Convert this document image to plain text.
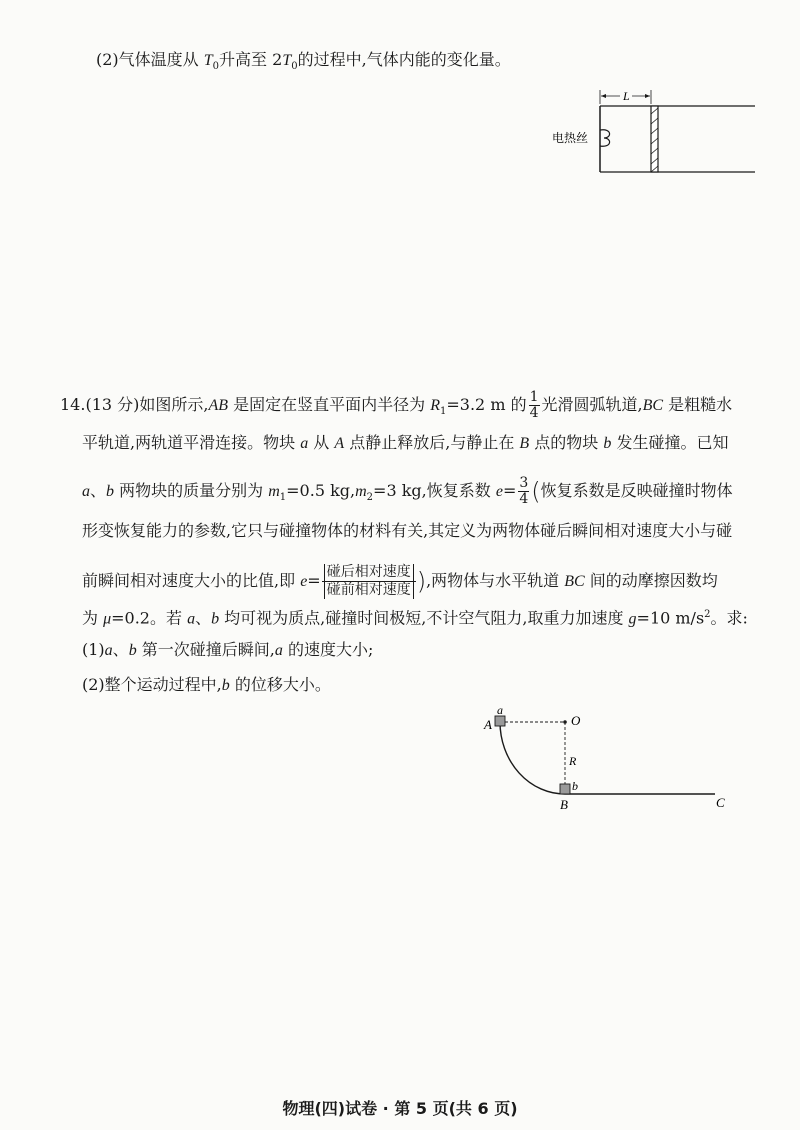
(2)气体温度从 $T_0$升高至 $2T_0$的过程中,气体内能的变化量。
L
电热丝
14.(13 分)如图所示,AB 是固定在竖直平面内半径为 $R_1=3.2$ m 的 $\frac{1}{4}$ 光滑圆弧轨道,BC 是粗糙水
平轨道,两轨道平滑连接。物块 a 从 A 点静止释放后,与静止在 B 点的物块 b 发生碰撞。已知
a、b 两物块的质量分别为 $m_1=0.5$ $kg,m_2=3$ kg,恢复系数 $e= \frac{3}{4}$ (恢复系数是反映碰撞时物体
形变恢复能力的参数,它只与碰撞物体的材料有关,其定义为两物体碰后瞬间相对速度大小与碰
前瞬间相对速度大小的比值,即 $e= \frac{\text{碰后相对速度}}{\text{碰前相对速度}}$ ),两物体与水平轨道 BC 间的动摩擦因数均
为 μ=0.2。若 a、b 均可视为质点,碰撞时间极短,不计空气阻力,取重力加速度 g=10 $m/s^2$。求:
(1)a、b 第一次碰撞后瞬间,a 的速度大小;
(2)整个运动过程中,b 的位移大小。
A
a
O
R
b
B	C
物理(四)试卷 · 第 5 页(共 6 页)
